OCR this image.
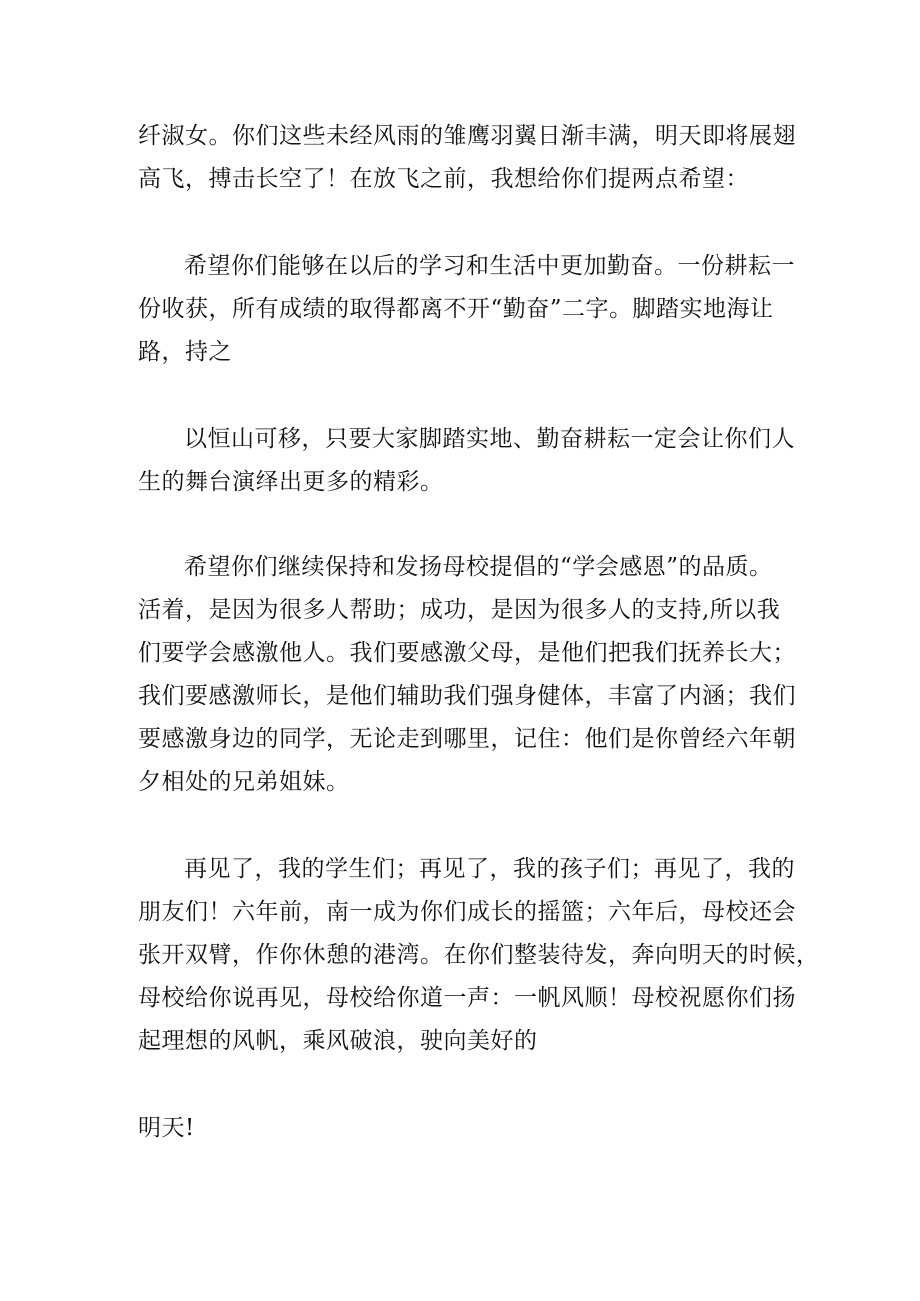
纤淑女。你们这些未经风雨的雏鹰羽翼日渐丰满，明天即将展翅
高飞，搏击长空了！在放飞之前，我想给你们提两点希望：

希望你们能够在以后的学习和生活中更加勤奋。一份耕耘一
份收获，所有成绩的取得都离不开“勤奋”二字。脚踏实地海让
路，持之

以恒山可移，只要大家脚踏实地、勤奋耕耘一定会让你们人
生的舞台演绎出更多的精彩。

希望你们继续保持和发扬母校提倡的“学会感恩”的品质。
活着，是因为很多人帮助；成功，是因为很多人的支持,所以我
们要学会感激他人。我们要感激父母，是他们把我们抚养长大；
我们要感激师长，是他们辅助我们强身健体，丰富了内涵；我们
要感激身边的同学，无论走到哪里，记住：他们是你曾经六年朝
夕相处的兄弟姐妹。

再见了，我的学生们；再见了，我的孩子们；再见了，我的
朋友们！六年前，南一成为你们成长的摇篮；六年后，母校还会
张开双臂，作你休憩的港湾。在你们整装待发，奔向明天的时候，
母校给你说再见，母校给你道一声：一帆风顺！母校祝愿你们扬
起理想的风帆，乘风破浪，驶向美好的

明天!
